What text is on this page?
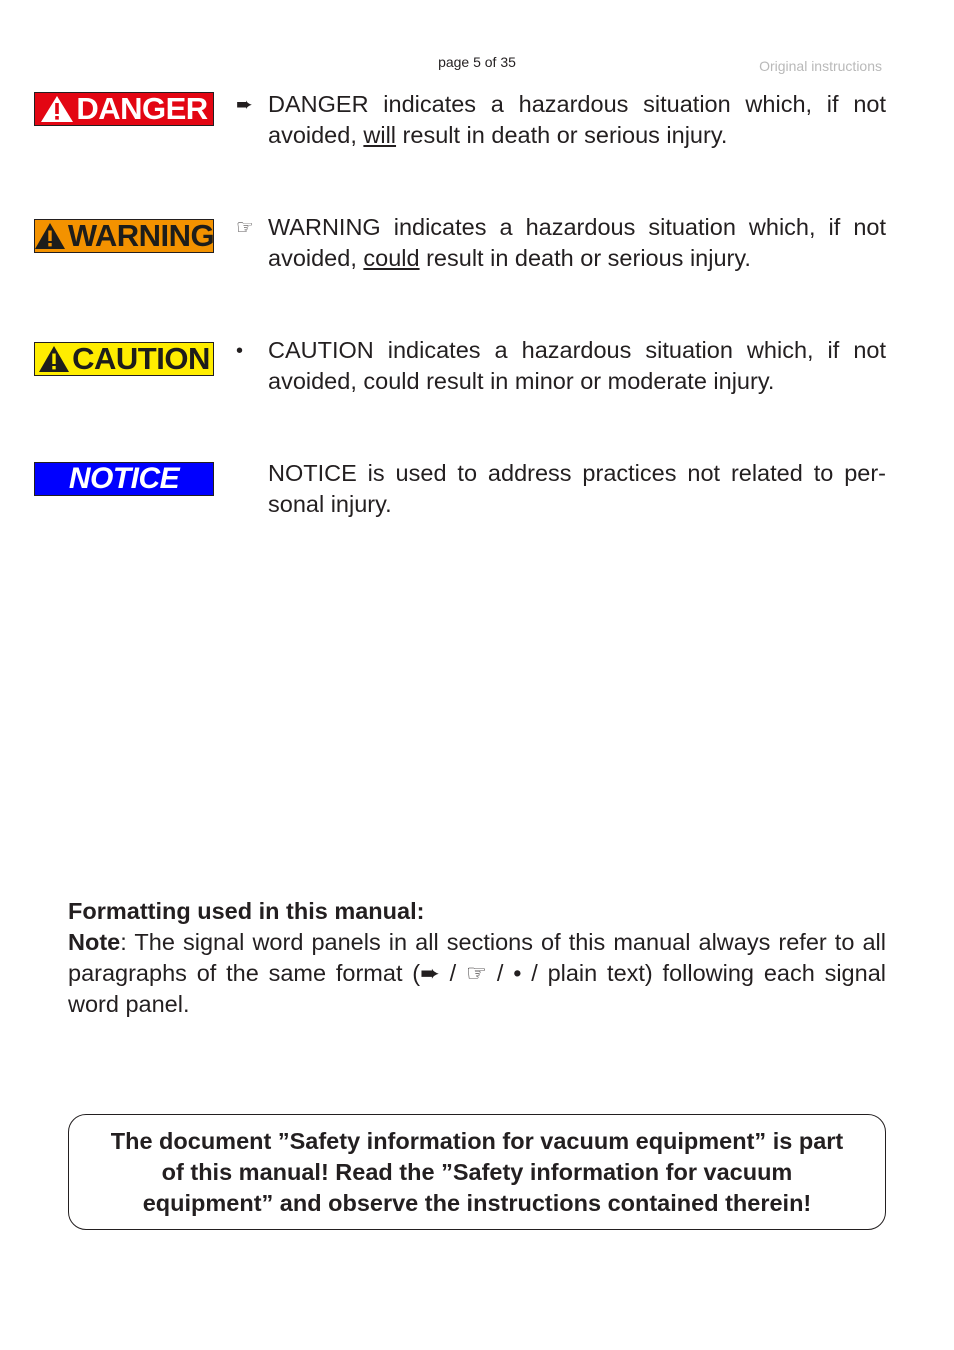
page 5 of 35	Original instructions
DANGER ➨ DANGER indicates a hazardous situation which, if not avoided, will result in death or serious injury.
WARNING ☞ WARNING indicates a hazardous situation which, if not avoided, could result in death or serious injury.
CAUTION • CAUTION indicates a hazardous situation which, if not avoided, could result in minor or moderate injury.
NOTICE	NOTICE is used to address practices not related to per-sonal injury.
Formatting used in this manual:
Note: The signal word panels in all sections of this manual always refer to all paragraphs of the same format (➨ / ☞ / • / plain text) following each signal word panel.
The document ”Safety information for vacuum equipment” is part of this manual! Read the ”Safety information for vacuum equipment” and observe the instructions contained therein!
